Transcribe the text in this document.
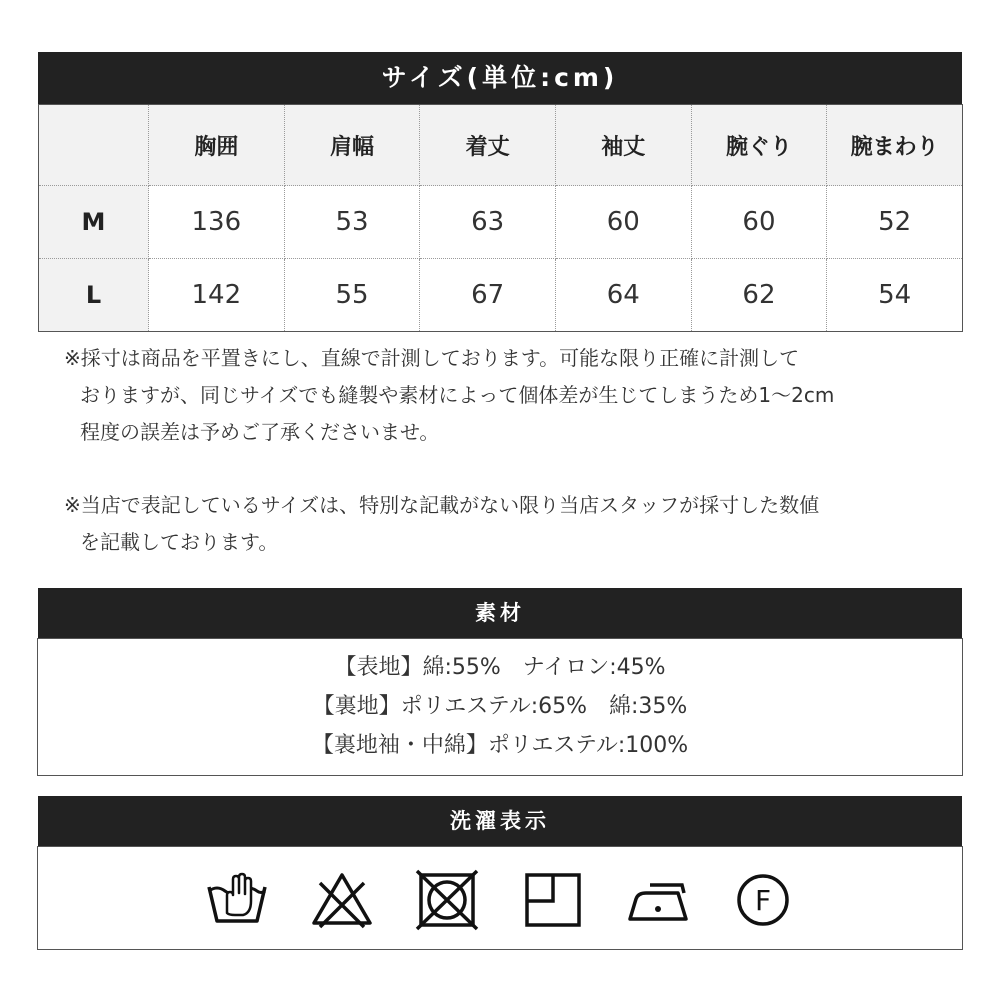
サイズ(単位:cm)
	胸囲	肩幅	着丈	袖丈	腕ぐり	腕まわり
M	136	53	63	60	60	52
L	142	55	67	64	62	54
※採寸は商品を平置きにし、直線で計測しております。可能な限り正確に計測して
おりますが、同じサイズでも縫製や素材によって個体差が生じてしまうため1〜2cm
程度の誤差は予めご了承くださいませ。
※当店で表記しているサイズは、特別な記載がない限り当店スタッフが採寸した数値
を記載しております。
素材
【表地】綿:55%　ナイロン:45%
【裏地】ポリエステル:65%　綿:35%
【裏地袖・中綿】ポリエステル:100%
洗濯表示

F
